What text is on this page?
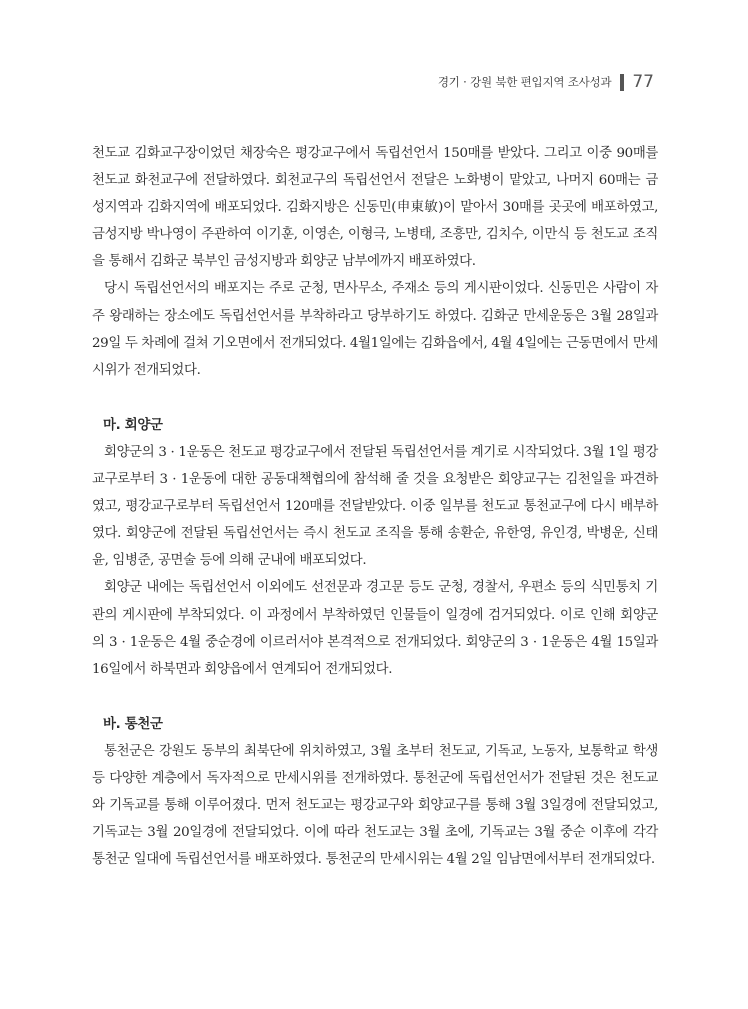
경기 · 강원 북한 편입지역 조사성과 77

천도교 김화교구장이었던 채장숙은 평강교구에서 독립선언서 150매를 받았다. 그리고 이중 90매를 천도교 화천교구에 전달하였다. 회천교구의 독립선언서 전달은 노화병이 맡았고, 나머지 60매는 금성지역과 김화지역에 배포되었다. 김화지방은 신동민(申東敏)이 맡아서 30매를 곳곳에 배포하였고, 금성지방 박나영이 주관하여 이기훈, 이영손, 이형극, 노병태, 조흥만, 김치수, 이만식 등 천도교 조직을 통해서 김화군 북부인 금성지방과 회양군 남부에까지 배포하였다.

당시 독립선언서의 배포지는 주로 군청, 면사무소, 주재소 등의 게시판이었다. 신동민은 사람이 자주 왕래하는 장소에도 독립선언서를 부착하라고 당부하기도 하였다. 김화군 만세운동은 3월 28일과 29일 두 차례에 걸쳐 기오면에서 전개되었다. 4월1일에는 김화읍에서, 4월 4일에는 근동면에서 만세시위가 전개되었다.

마. 회양군

회양군의 3 · 1운동은 천도교 평강교구에서 전달된 독립선언서를 계기로 시작되었다. 3월 1일 평강교구로부터 3 · 1운동에 대한 공동대책협의에 참석해 줄 것을 요청받은 회양교구는 김천일을 파견하였고, 평강교구로부터 독립선언서 120매를 전달받았다. 이중 일부를 천도교 통천교구에 다시 배부하였다. 회양군에 전달된 독립선언서는 즉시 천도교 조직을 통해 송환순, 유한영, 유인경, 박병운, 신태윤, 임병준, 공면술 등에 의해 군내에 배포되었다.

회양군 내에는 독립선언서 이외에도 선전문과 경고문 등도 군청, 경찰서, 우편소 등의 식민통치 기관의 게시판에 부착되었다. 이 과정에서 부착하였던 인물들이 일경에 검거되었다. 이로 인해 회양군의 3 · 1운동은 4월 중순경에 이르러서야 본격적으로 전개되었다. 회양군의 3 · 1운동은 4월 15일과 16일에서 하북면과 회양읍에서 연계되어 전개되었다.

바. 통천군

통천군은 강원도 동부의 최북단에 위치하였고, 3월 초부터 천도교, 기독교, 노동자, 보통학교 학생 등 다양한 계층에서 독자적으로 만세시위를 전개하였다. 통천군에 독립선언서가 전달된 것은 천도교와 기독교를 통해 이루어졌다. 먼저 천도교는 평강교구와 회양교구를 통해 3월 3일경에 전달되었고, 기독교는 3월 20일경에 전달되었다. 이에 따라 천도교는 3월 초에, 기독교는 3월 중순 이후에 각각 통천군 일대에 독립선언서를 배포하였다. 통천군의 만세시위는 4월 2일 임남면에서부터 전개되었다.
